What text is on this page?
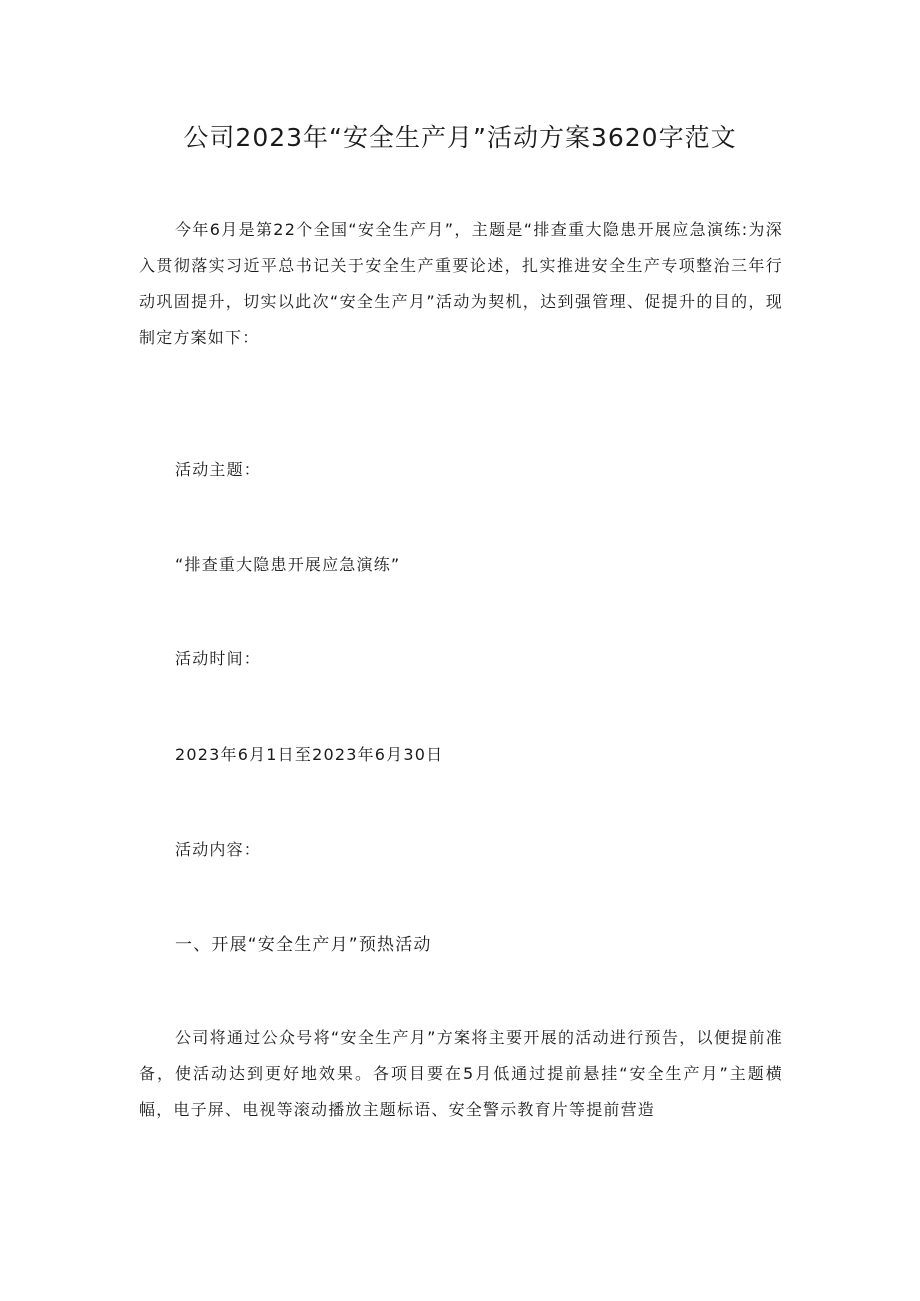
公司2023年“安全生产月”活动方案3620字范文

今年6月是第22个全国“安全生产月”，主题是“排查重大隐患开展应急演练:为深入贯彻落实习近平总书记关于安全生产重要论述，扎实推进安全生产专项整治三年行动巩固提升，切实以此次“安全生产月”活动为契机，达到强管理、促提升的目的，现制定方案如下：

活动主题：

“排查重大隐患开展应急演练”

活动时间：

2023年6月1日至2023年6月30日

活动内容：

一、开展“安全生产月”预热活动

公司将通过公众号将“安全生产月”方案将主要开展的活动进行预告，以便提前准备，使活动达到更好地效果。各项目要在5月低通过提前悬挂“安全生产月”主题横幅，电子屏、电视等滚动播放主题标语、安全警示教育片等提前营造
